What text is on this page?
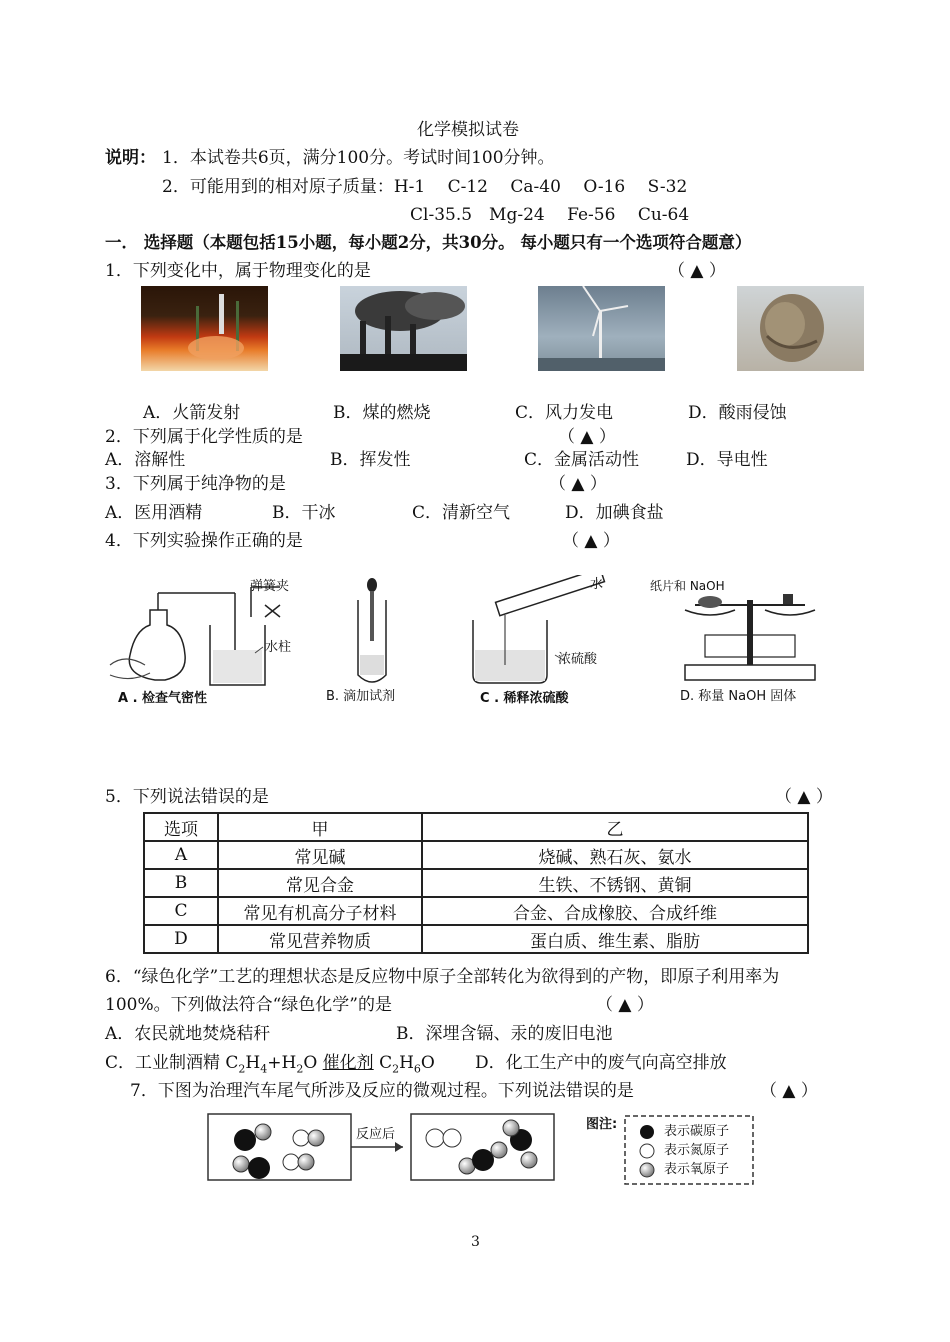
化学模拟试卷
说明： 1．本试卷共6页，满分100分。考试时间100分钟。
2．可能用到的相对原子质量：H-1　 C-12　 Ca-40　 O-16　 S-32
Cl-35.5　Mg-24　 Fe-56　 Cu-64
一． 选择题（本题包括15小题，每小题2分，共30分。 每小题只有一个选项符合题意）
1．下列变化中，属于物理变化的是	（ ▲ ）
A．火箭发射	B．煤的燃烧	C．风力发电	D．酸雨侵蚀
2．下列属于化学性质的是	（ ▲ ）
A．溶解性	B．挥发性	C．金属活动性	D．导电性
3．下列属于纯净物的是	（ ▲ ）
A．医用酒精	B．干冰	C．清新空气	D．加碘食盐
4．下列实验操作正确的是	（ ▲ ）
弹簧夹
水柱
A . 检查气密性	B. 滴加试剂
水
浓硫酸
C . 稀释浓硫酸
纸片和 NaOH
D. 称量 NaOH 固体
5．下列说法错误的是	（ ▲ ）
选项	甲	乙
A	常见碱	烧碱、熟石灰、氨水
B	常见合金	生铁、不锈钢、黄铜
C	常见有机高分子材料	合金、合成橡胶、合成纤维
D	常见营养物质	蛋白质、维生素、脂肪
6．“绿色化学”工艺的理想状态是反应物中原子全部转化为欲得到的产物，即原子利用率为
100%。下列做法符合“绿色化学”的是	（ ▲ ）
A．农民就地焚烧秸秆	B．深埋含镉、汞的废旧电池
C．工业制酒精 $C_2H_4+H_2O$ 催化剂 $C_2H_6O$ D．化工生产中的废气向高空排放
7．下图为治理汽车尾气所涉及反应的微观过程。下列说法错误的是	（ ▲ ）
反应后
图注:	表示碳原子
表示氮原子
表示氧原子
3
